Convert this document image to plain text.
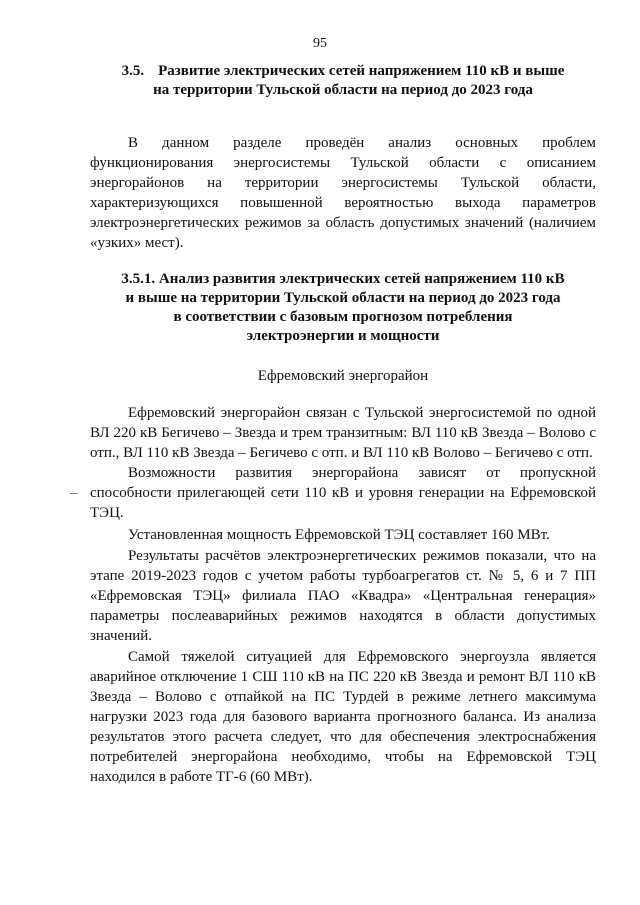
95
3.5. Развитие электрических сетей напряжением 110 кВ и выше
на территории Тульской области на период до 2023 года

В данном разделе проведён анализ основных проблем функционирования энергосистемы Тульской области с описанием энергорайонов на территории энергосистемы Тульской области, характеризующихся повышенной вероятностью выхода параметров электроэнергетических режимов за область допустимых значений (наличием «узких» мест).

3.5.1. Анализ развития электрических сетей напряжением 110 кВ
и выше на территории Тульской области на период до 2023 года
в соответствии с базовым прогнозом потребления
электроэнергии и мощности

Ефремовский энергорайон

Ефремовский энергорайон связан с Тульской энергосистемой по одной ВЛ 220 кВ Бегичево – Звезда и трем транзитным: ВЛ 110 кВ Звезда – Волово с отп., ВЛ 110 кВ Звезда – Бегичево с отп. и ВЛ 110 кВ Волово – Бегичево с отп.

Возможности развития энергорайона зависят от пропускной способности прилегающей сети 110 кВ и уровня генерации на Ефремовской ТЭЦ.

Установленная мощность Ефремовской ТЭЦ составляет 160 МВт.

Результаты расчётов электроэнергетических режимов показали, что на этапе 2019-2023 годов с учетом работы турбоагрегатов ст. № 5, 6 и 7 ПП «Ефремовская ТЭЦ» филиала ПАО «Квадра» «Центральная генерация» параметры послеаварийных режимов находятся в области допустимых значений.

Самой тяжелой ситуацией для Ефремовского энергоузла является аварийное отключение 1 СШ 110 кВ на ПС 220 кВ Звезда и ремонт ВЛ 110 кВ Звезда – Волово с отпайкой на ПС Турдей в режиме летнего максимума нагрузки 2023 года для базового варианта прогнозного баланса. Из анализа результатов этого расчета следует, что для обеспечения электроснабжения потребителей энергорайона необходимо, чтобы на Ефремовской ТЭЦ находился в работе ТГ-6 (60 МВт).
